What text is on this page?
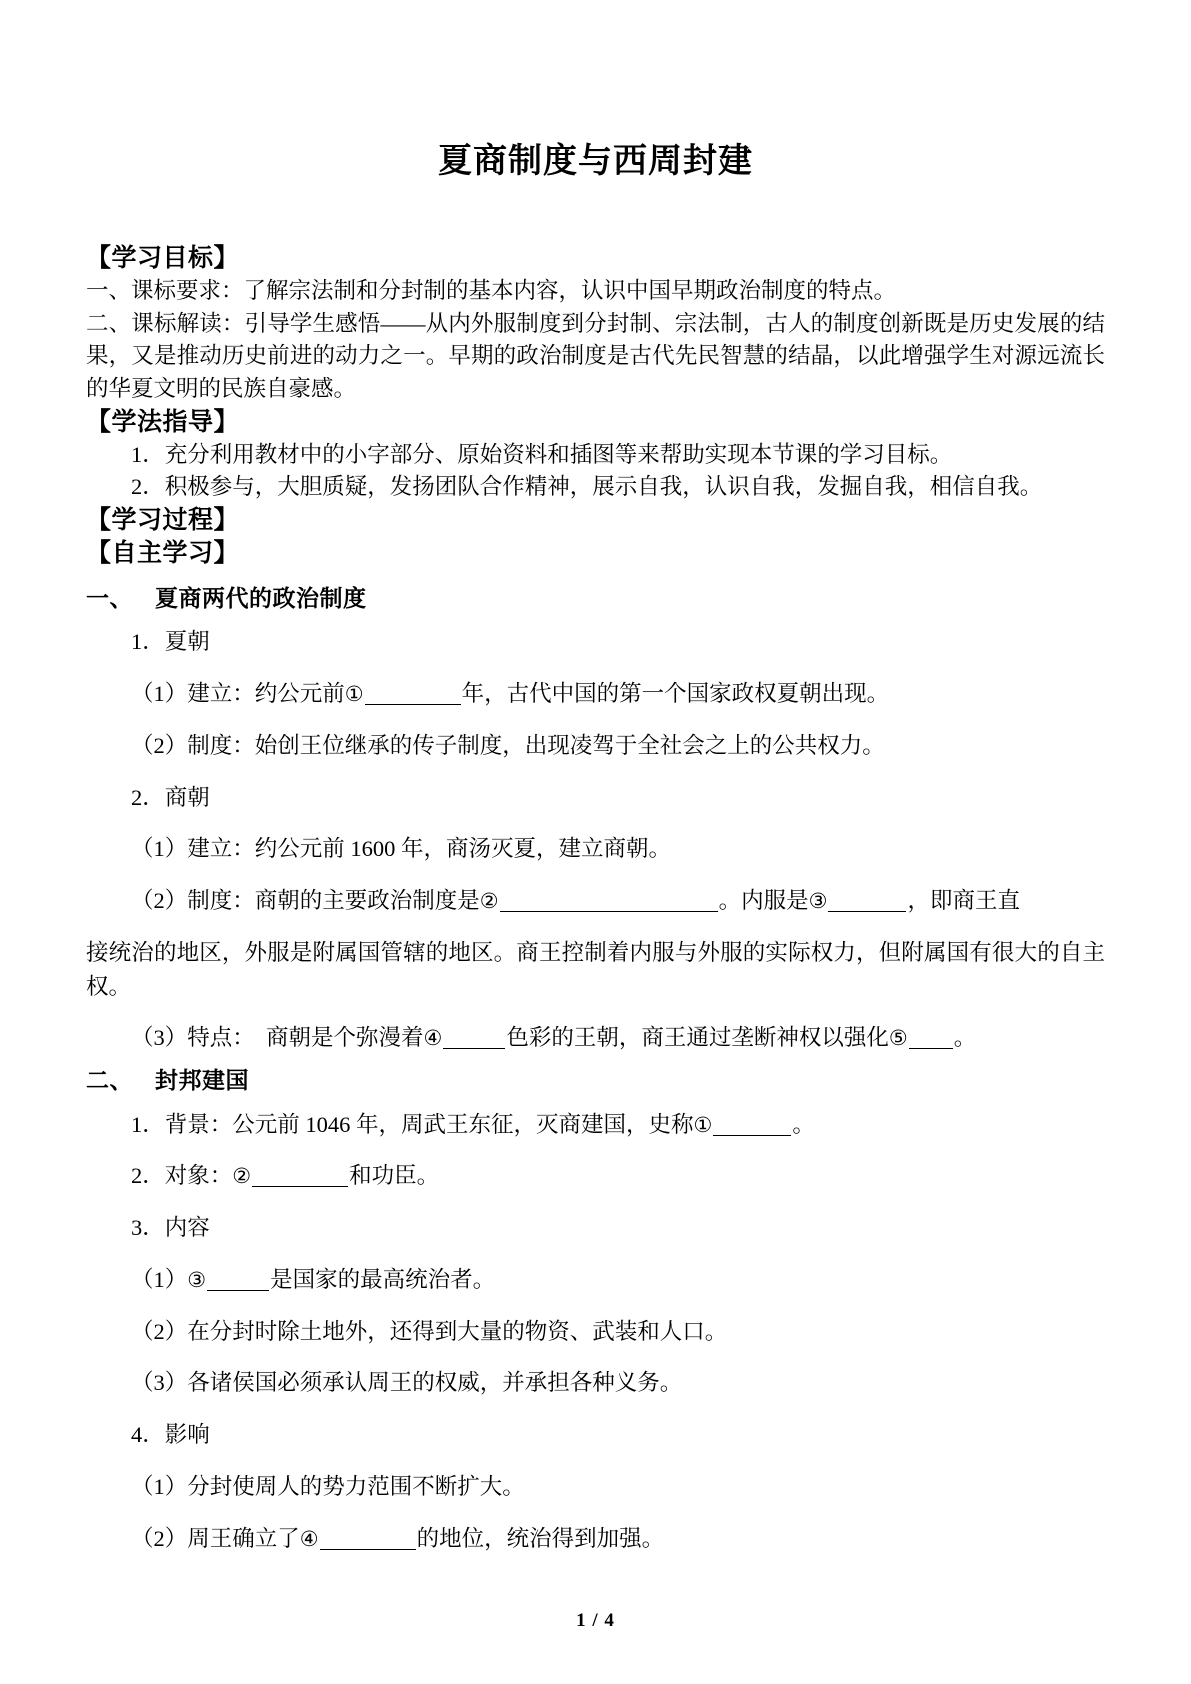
夏商制度与西周封建

【学习目标】

一、课标要求：了解宗法制和分封制的基本内容，认识中国早期政治制度的特点。

二、课标解读：引导学生感悟——从内外服制度到分封制、宗法制，古人的制度创新既是历史发展的结果，又是推动历史前进的动力之一。早期的政治制度是古代先民智慧的结晶，以此增强学生对源远流长的华夏文明的民族自豪感。

【学法指导】

1．充分利用教材中的小字部分、原始资料和插图等来帮助实现本节课的学习目标。

2．积极参与，大胆质疑，发扬团队合作精神，展示自我，认识自我，发掘自我，相信自我。

【学习过程】

【自主学习】

一、 夏商两代的政治制度

1．夏朝

（1）建立：约公元前①	年，古代中国的第一个国家政权夏朝出现。

（2）制度：始创王位继承的传子制度，出现凌驾于全社会之上的公共权力。

2．商朝

（1）建立：约公元前 1600 年，商汤灭夏，建立商朝。

（2）制度：商朝的主要政治制度是②	。内服是③	，即商王直

接统治的地区，外服是附属国管辖的地区。商王控制着内服与外服的实际权力，但附属国有很大的自主权。

（3）特点：　商朝是个弥漫着④	色彩的王朝，商王通过垄断神权以强化⑤ 。

二、 封邦建国

1．背景：公元前 1046 年，周武王东征，灭商建国，史称①	。

2．对象：②	和功臣。

3．内容

（1）③	是国家的最高统治者。

（2）在分封时除土地外，还得到大量的物资、武装和人口。

（3）各诸侯国必须承认周王的权威，并承担各种义务。

4．影响

（1）分封使周人的势力范围不断扩大。

（2）周王确立了④	的地位，统治得到加强。

1 / 4
